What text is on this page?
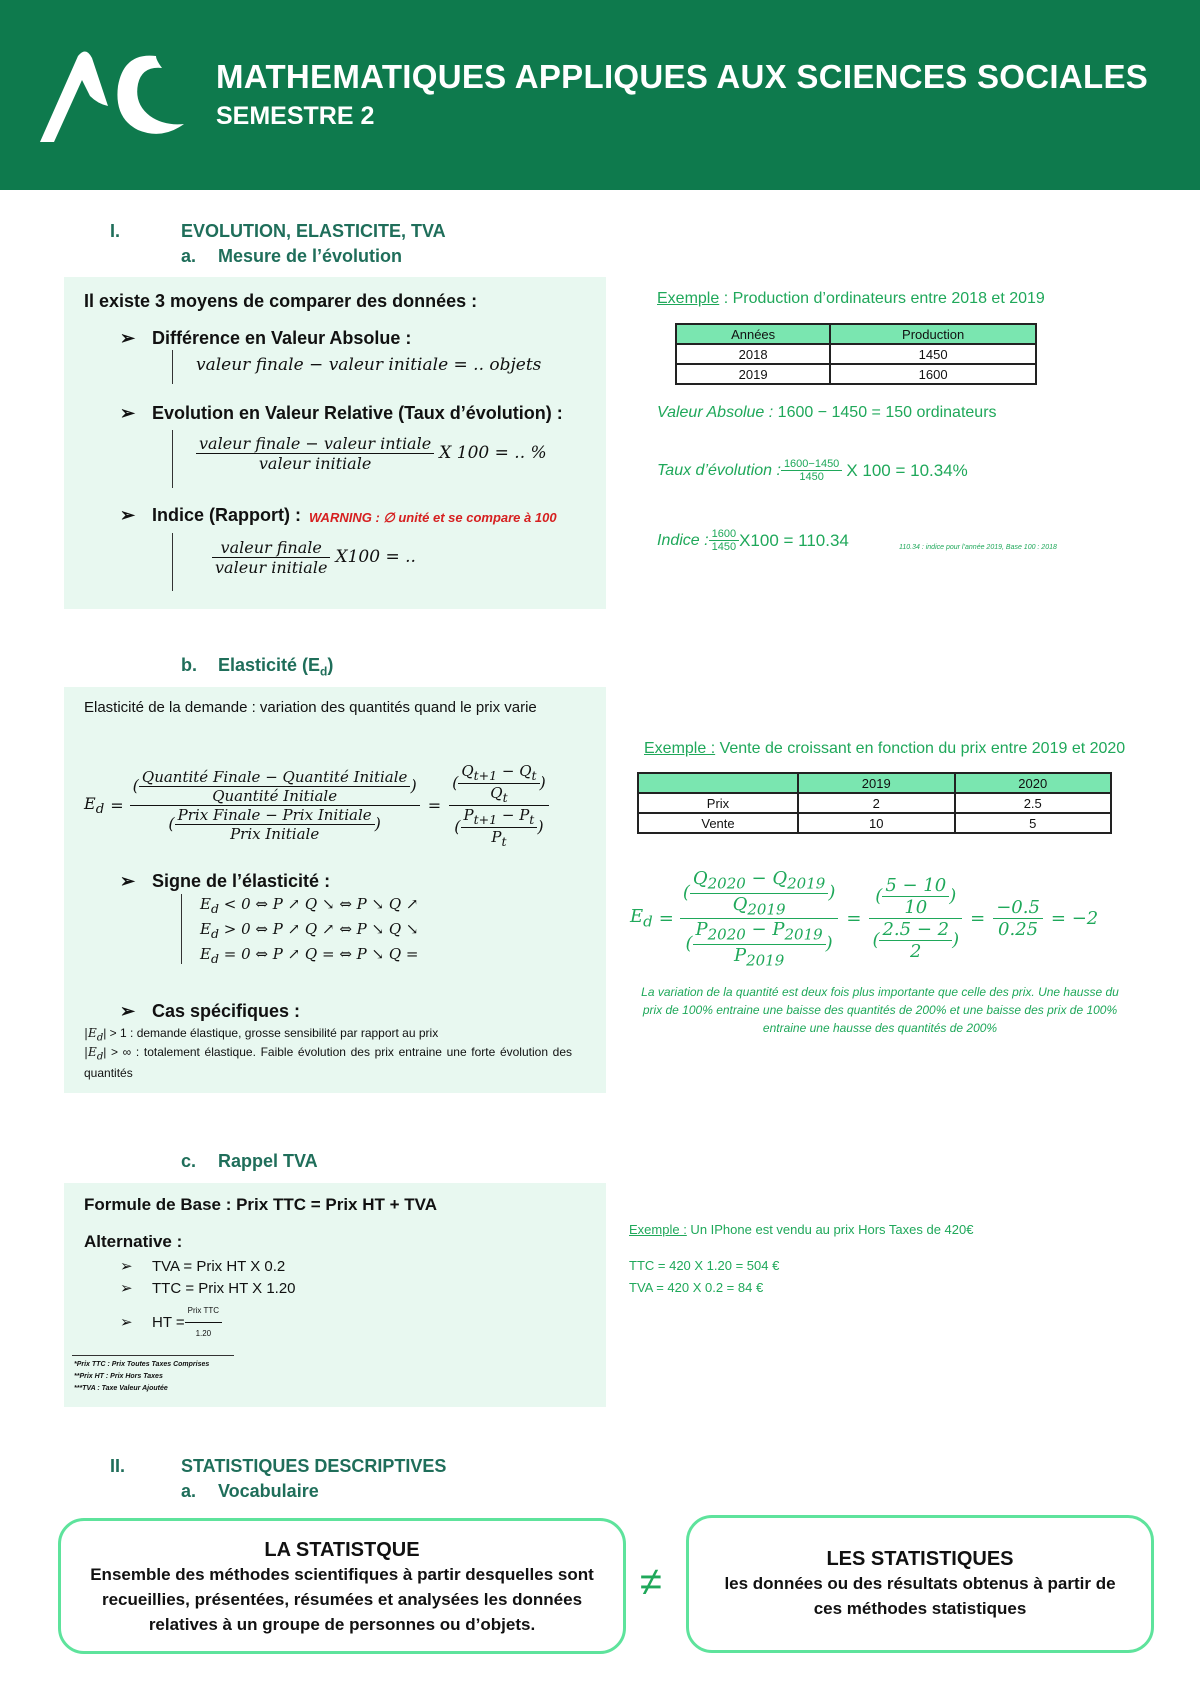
MATHEMATIQUES APPLIQUES AUX SCIENCES SOCIALES
SEMESTRE 2
I.	EVOLUTION, ELASTICITE, TVA
a. Mesure de l’évolution
Il existe 3 moyens de comparer des données :
➢ Différence en Valeur Absolue :
valeur finale − valeur initiale = .. objets
➢ Evolution en Valeur Relative (Taux d’évolution) :
$\frac{\text{valeur finale − valeur intiale}}{\text{valeur initiale}}$ X 100 = .. %
➢ Indice (Rapport) : WARNING : ∅ unité et se compare à 100
$\frac{\text{valeur finale}}{\text{valeur initiale}} X100$ = ..
Exemple : Production d’ordinateurs entre 2018 et 2019
Années	Production
2018	1450
2019	1600
Valeur Absolue : 1600 − 1450 = 150 ordinateurs
Taux d’évolution : $\frac{1600-1450}{1450}$ X 100 = 10.34%
Indice : $\frac{1600}{1450} X100 = 110.34$	110.34 : indice pour l’année 2019, Base 100 : 2018
b. Elasticité $(E_d)$
Elasticité de la demande : variation des quantités quand le prix varie
$E_d = \frac{( \frac{\text{Quantité Finale − Quantité Initiale}}{\text{Quantité Initiale}} )}{( \frac{\text{Prix Finale − Prix Initiale}}{\text{Prix Initiale}} )} = \frac{( \frac{Q_{t+1} - Q_t}{Q_t} )}{( \frac{P_{t+1} - P_t}{P_t} )}$
➢ Signe de l’élasticité :
$E_d < 0$ ⇔ P ↗ Q ↘ ⇔ P ↘ Q ↗
$E_d > 0$ ⇔ P ↗ Q ↗ ⇔ P ↘ Q ↘
$E_d = 0$ ⇔ P ↗ Q = ⇔ P ↘ Q =
➢ Cas spécifiques :
$|E_d| > 1$ : demande élastique, grosse sensibilité par rapport au prix
$|E_d|$ > ∞ : totalement élastique. Faible évolution des prix entraine une forte évolution des quantités
Exemple : Vente de croissant en fonction du prix entre 2019 et 2020
	2019	2020
Prix	2	2.5
Vente	10	5
$E_d = \frac{( \frac{Q_{2020} - Q_{2019}}{Q_{2019}} )}{( \frac{P_{2020} - P_{2019}}{P_{2019}} )} = \frac{( \frac{5 - 10}{10} )}{( \frac{2.5 - 2}{2} )} = \frac{-0.5}{0.25} = -2$
La variation de la quantité est deux fois plus importante que celle des prix. Une hausse du prix de 100% entraine une baisse des quantités de 200% et une baisse des prix de 100% entraine une hausse des quantités de 200%
c. Rappel TVA
Formule de Base : Prix TTC = Prix HT + TVA
Alternative :
➢ TVA = Prix HT X 0.2
➢ TTC = Prix HT X 1.20
➢	HT = $\frac{\text{Prix TTC}}{1.20}$
*Prix TTC : Prix Toutes Taxes Comprises
**Prix HT : Prix Hors Taxes
***TVA : Taxe Valeur Ajoutée
Exemple : Un IPhone est vendu au prix Hors Taxes de 420€
TTC = 420 X 1.20 = 504 €
TVA = 420 X 0.2 = 84 €
II.	STATISTIQUES DESCRIPTIVES
a. Vocabulaire
LA STATISTQUE
Ensemble des méthodes scientifiques à partir desquelles sont recueillies, présentées, résumées et analysées les données relatives à un groupe de personnes ou d’objets.
≠
LES STATISTIQUES
les données ou des résultats obtenus à partir de ces méthodes statistiques
